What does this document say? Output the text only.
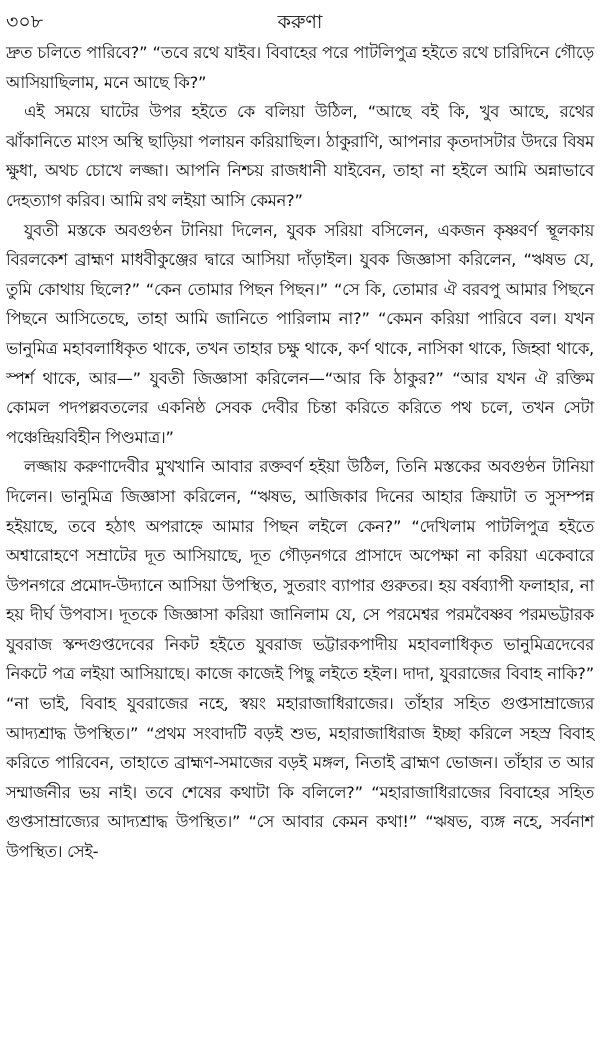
৩০৮	করুণা

দ্রুত চলিতে পারিবে?” “তবে রথে যাইব। বিবাহের পরে পাটলিপুত্র হইতে রথে চারিদিনে গৌড়ে আসিয়াছিলাম, মনে আছে কি?”

এই সময়ে ঘাটের উপর হইতে কে বলিয়া উঠিল, “আছে বই কি, খুব আছে, রথের ঝাঁকানিতে মাংস অস্থি ছাড়িয়া পলায়ন করিয়াছিল। ঠাকুরাণি, আপনার কৃতদাসটার উদরে বিষম ক্ষুধা, অথচ চোখে লজ্জা। আপনি নিশ্চয় রাজধানী যাইবেন, তাহা না হইলে আমি অন্নাভাবে দেহত্যাগ করিব। আমি রথ লইয়া আসি কেমন?”

যুবতী মস্তকে অবগুণ্ঠন টানিয়া দিলেন, যুবক সরিয়া বসিলেন, একজন কৃষ্ণবর্ণ স্থূলকায় বিরলকেশ ব্রাহ্মণ মাধবীকুঞ্জের দ্বারে আসিয়া দাঁড়াইল। যুবক জিজ্ঞাসা করিলেন, “ঋষভ যে, তুমি কোথায় ছিলে?” “কেন তোমার পিছন পিছন।” “সে কি, তোমার ঐ বরবপু আমার পিছনে পিছনে আসিতেছে, তাহা আমি জানিতে পারিলাম না?” “কেমন করিয়া পারিবে বল। যখন ভানুমিত্র মহাবলাধিকৃত থাকে, তখন তাহার চক্ষু থাকে, কর্ণ থাকে, নাসিকা থাকে, জিহ্বা থাকে, স্পর্শ থাকে, আর—” যুবতী জিজ্ঞাসা করিলেন—“আর কি ঠাকুর?” “আর যখন ঐ রক্তিম কোমল পদপল্লবতলের একনিষ্ঠ সেবক দেবীর চিন্তা করিতে করিতে পথ চলে, তখন সেটা পঞ্চেন্দ্রিয়বিহীন পিণ্ডমাত্র।”

লজ্জায় করুণাদেবীর মুখখানি আবার রক্তবর্ণ হইয়া উঠিল, তিনি মস্তকের অবগুণ্ঠন টানিয়া দিলেন। ভানুমিত্র জিজ্ঞাসা করিলেন, “ঋষভ, আজিকার দিনের আহার ক্রিয়াটা ত সুসম্পন্ন হইয়াছে, তবে হঠাৎ অপরাহ্নে আমার পিছন লইলে কেন?” “দেখিলাম পাটলিপুত্র হইতে অশ্বারোহণে সম্রাটের দূত আসিয়াছে, দূত গৌড়নগরে প্রাসাদে অপেক্ষা না করিয়া একেবারে উপনগরে প্রমোদ-উদ্যানে আসিয়া উপস্থিত, সুতরাং ব্যাপার গুরুতর। হয় বর্ষব্যাপী ফলাহার, না হয় দীর্ঘ উপবাস। দূতকে জিজ্ঞাসা করিয়া জানিলাম যে, সে পরমেশ্বর পরমবৈষ্ণব পরমভট্টারক যুবরাজ স্কন্দগুপ্তদেবের নিকট হইতে যুবরাজ ভট্টারকপাদীয় মহাবলাধিকৃত ভানুমিত্রদেবের নিকটে পত্র লইয়া আসিয়াছে। কাজে কাজেই পিছু লইতে হইল। দাদা, যুবরাজের বিবাহ নাকি?” “না ভাই, বিবাহ যুবরাজের নহে, স্বয়ং মহারাজাধিরাজের। তাঁহার সহিত গুপ্তসাম্রাজ্যের আদ্যশ্রাদ্ধ উপস্থিত।” “প্রথম সংবাদটি বড়ই শুভ, মহারাজাধিরাজ ইচ্ছা করিলে সহস্র বিবাহ করিতে পারিবেন, তাহাতে ব্রাহ্মণ-সমাজের বড়ই মঙ্গল, নিতাই ব্রাহ্মণ ভোজন। তাঁহার ত আর সম্মার্জনীর ভয় নাই। তবে শেষের কথাটা কি বলিলে?” “মহারাজাধিরাজের বিবাহের সহিত গুপ্তসাম্রাজ্যের আদ্যশ্রাদ্ধ উপস্থিত।” “সে আবার কেমন কথা!” “ঋষভ, ব্যঙ্গ নহে, সর্বনাশ উপস্থিত। সেই-
